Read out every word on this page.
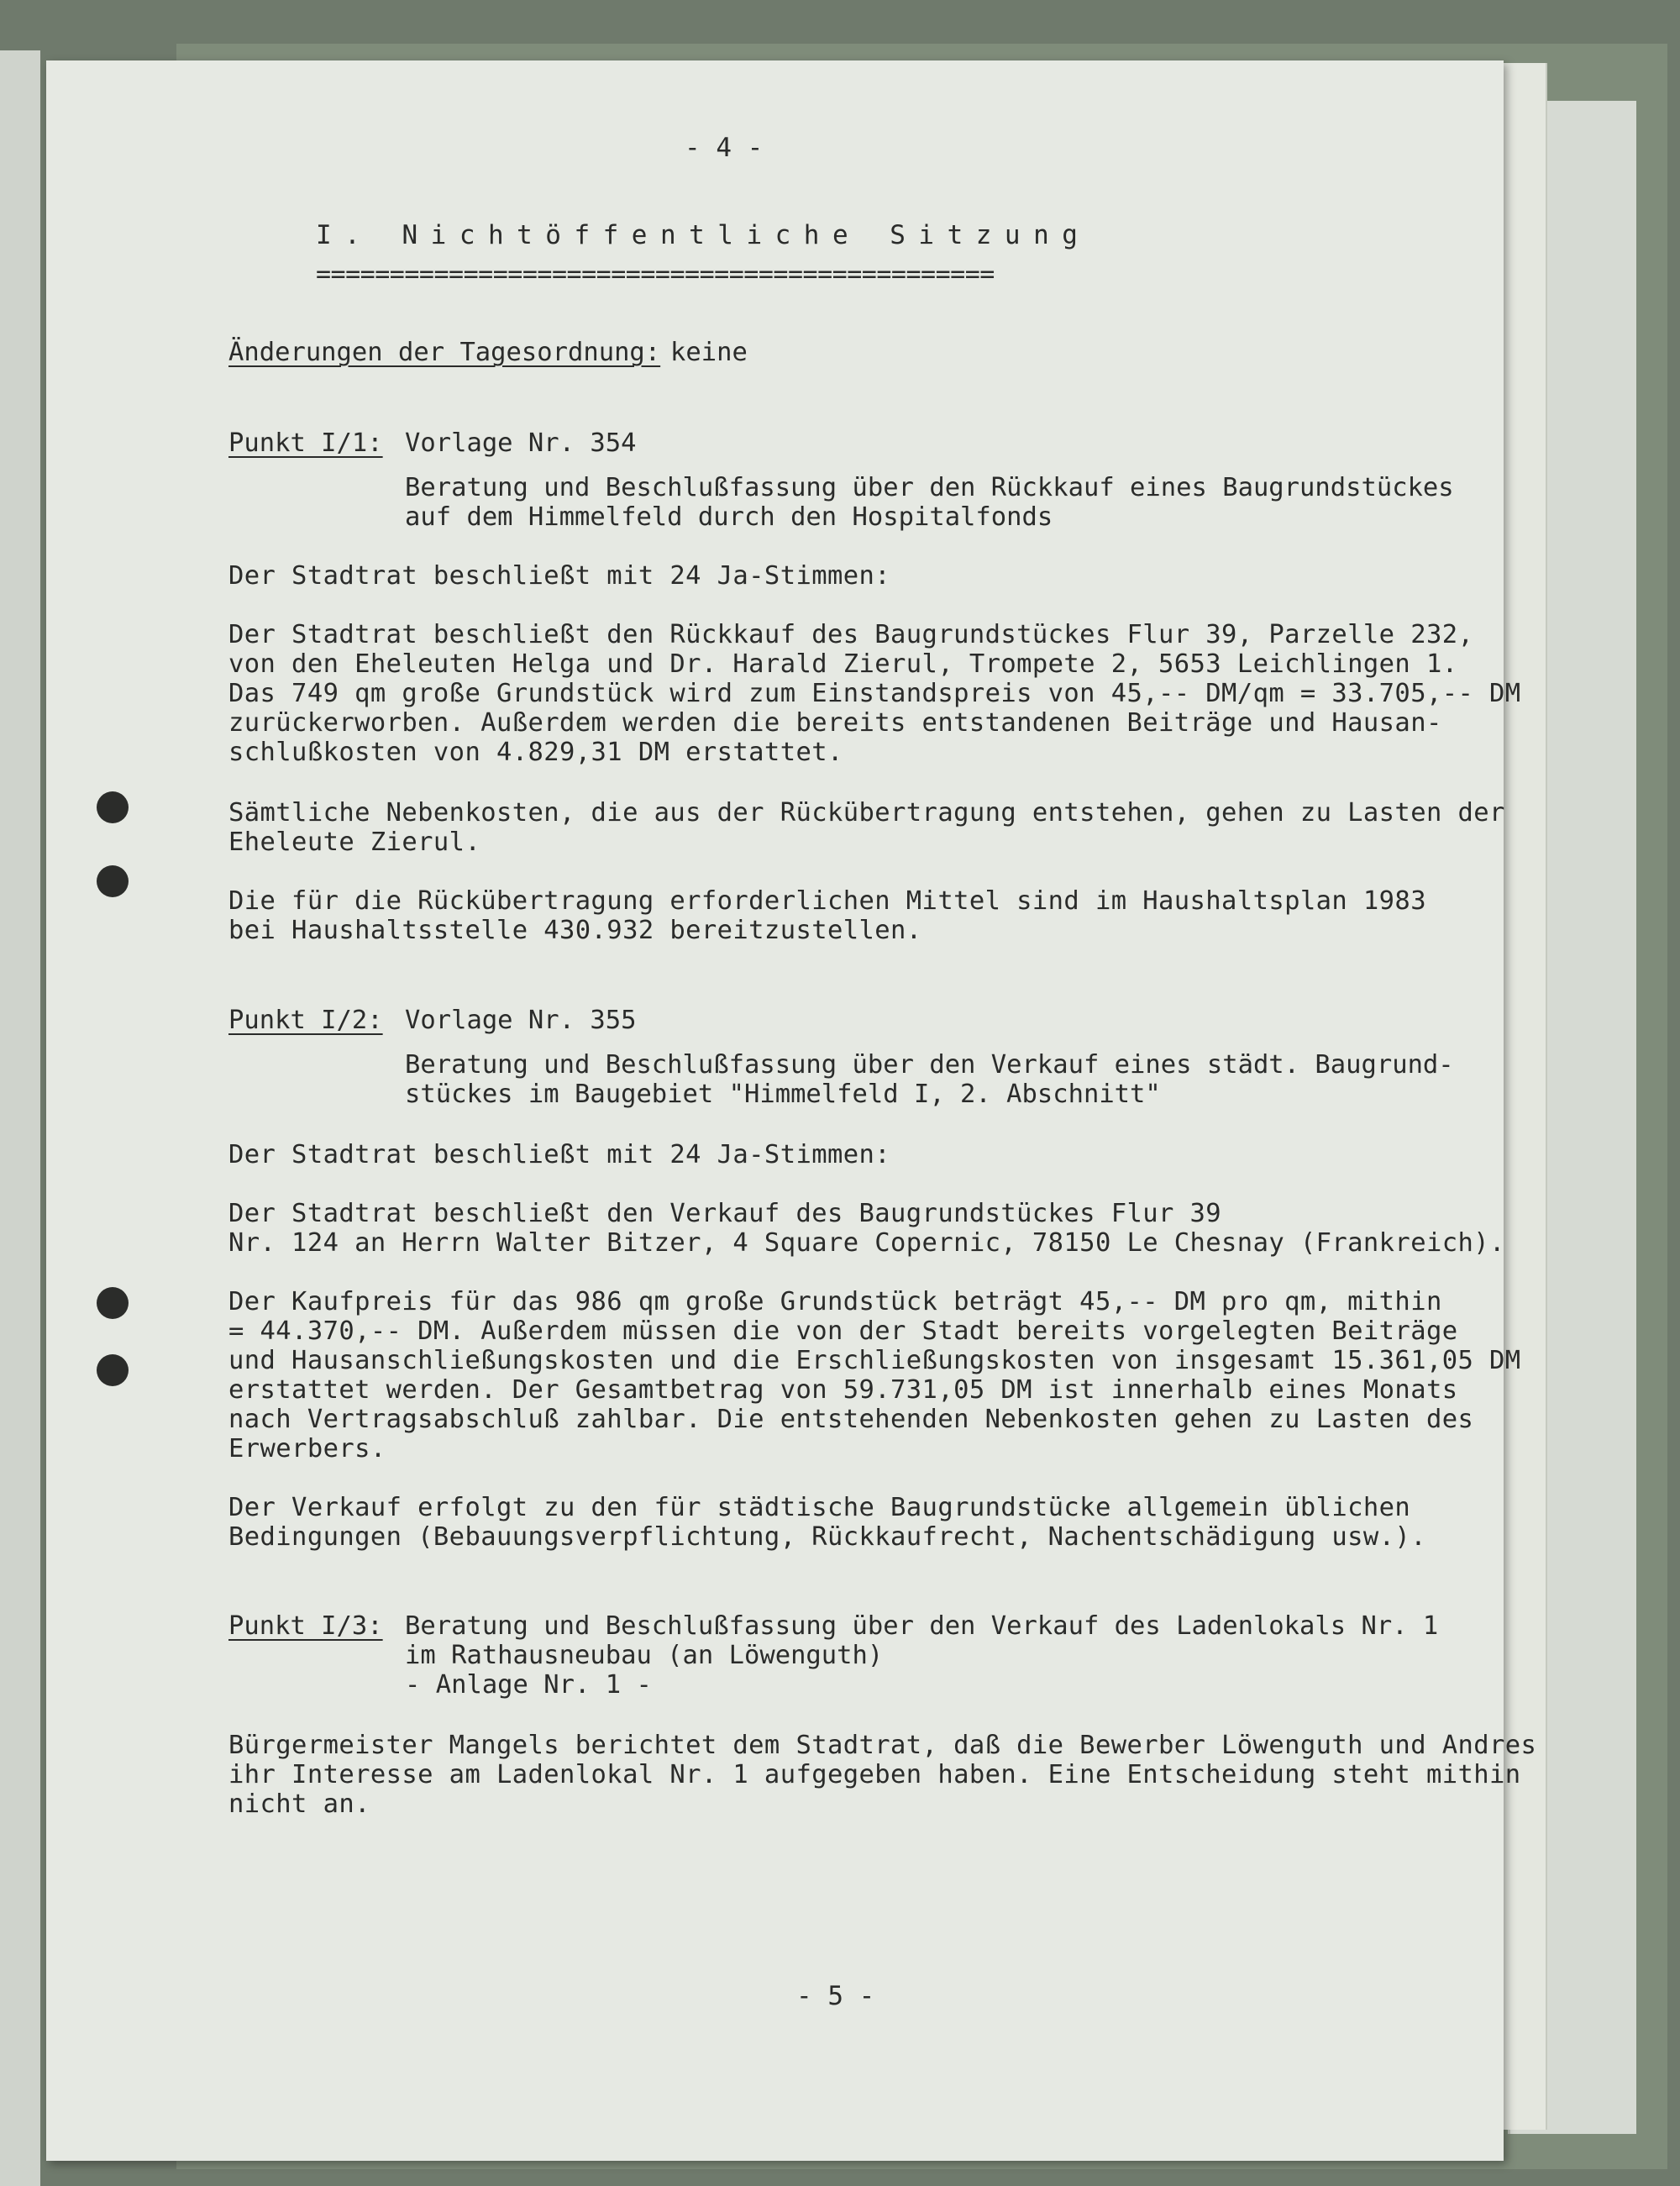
- 4 -

I. Nichtöffentliche Sitzung

==============================================

Änderungen der Tagesordnung: keine

Punkt I/1: Vorlage Nr. 354

Beratung und Beschlußfassung über den Rückkauf eines Baugrundstückes

auf dem Himmelfeld durch den Hospitalfonds

Der Stadtrat beschließt mit 24 Ja-Stimmen:

Der Stadtrat beschließt den Rückkauf des Baugrundstückes Flur 39, Parzelle 232,

von den Eheleuten Helga und Dr. Harald Zierul, Trompete 2, 5653 Leichlingen 1.

Das 749 qm große Grundstück wird zum Einstandspreis von 45,-- DM/qm = 33.705,-- DM

zurückerworben. Außerdem werden die bereits entstandenen Beiträge und Hausan-

schlußkosten von 4.829,31 DM erstattet.

Sämtliche Nebenkosten, die aus der Rückübertragung entstehen, gehen zu Lasten der

Eheleute Zierul.

Die für die Rückübertragung erforderlichen Mittel sind im Haushaltsplan 1983

bei Haushaltsstelle 430.932 bereitzustellen.

Punkt I/2: Vorlage Nr. 355

Beratung und Beschlußfassung über den Verkauf eines städt. Baugrund-

stückes im Baugebiet "Himmelfeld I, 2. Abschnitt"

Der Stadtrat beschließt mit 24 Ja-Stimmen:

Der Stadtrat beschließt den Verkauf des Baugrundstückes Flur 39

Nr. 124 an Herrn Walter Bitzer, 4 Square Copernic, 78150 Le Chesnay (Frankreich).

Der Kaufpreis für das 986 qm große Grundstück beträgt 45,-- DM pro qm, mithin

= 44.370,-- DM. Außerdem müssen die von der Stadt bereits vorgelegten Beiträge

und Hausanschließungskosten und die Erschließungskosten von insgesamt 15.361,05 DM

erstattet werden. Der Gesamtbetrag von 59.731,05 DM ist innerhalb eines Monats

nach Vertragsabschluß zahlbar. Die entstehenden Nebenkosten gehen zu Lasten des

Erwerbers.

Der Verkauf erfolgt zu den für städtische Baugrundstücke allgemein üblichen

Bedingungen (Bebauungsverpflichtung, Rückkaufrecht, Nachentschädigung usw.).

Punkt I/3: Beratung und Beschlußfassung über den Verkauf des Ladenlokals Nr. 1

im Rathausneubau (an Löwenguth)

- Anlage Nr. 1 -

Bürgermeister Mangels berichtet dem Stadtrat, daß die Bewerber Löwenguth und Andres

ihr Interesse am Ladenlokal Nr. 1 aufgegeben haben. Eine Entscheidung steht mithin

nicht an.

- 5 -
